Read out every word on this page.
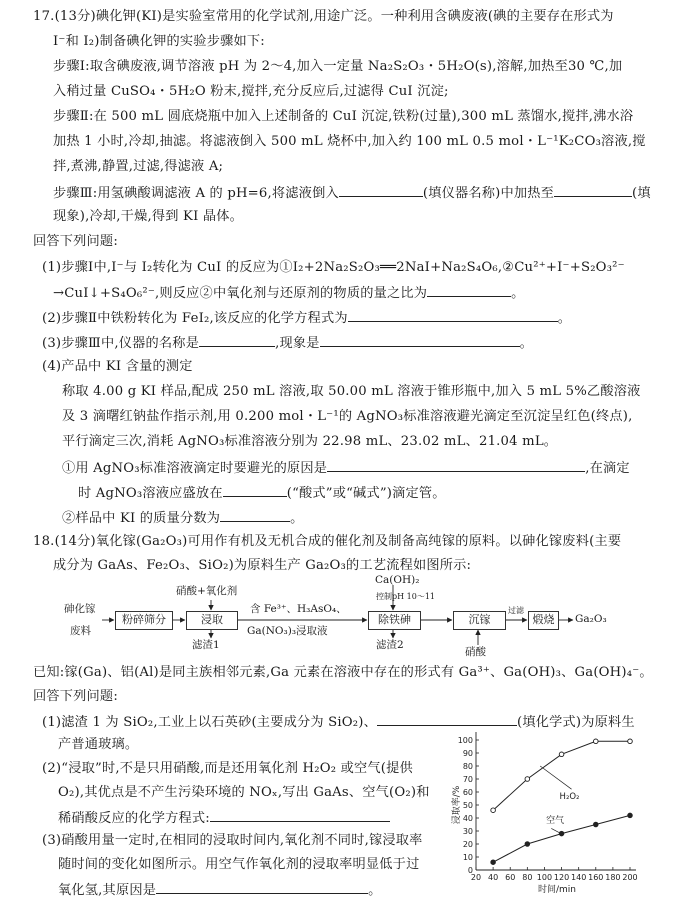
17.(13分)碘化钾(KI)是实验室常用的化学试剂,用途广泛。一种利用含碘废液(碘的主要存在形式为
I⁻和 I₂)制备碘化钾的实验步骤如下:
步骤Ⅰ:取含碘废液,调节溶液 pH 为 2～4,加入一定量 Na₂S₂O₃・5H₂O(s),溶解,加热至30 ℃,加
入稍过量 CuSO₄・5H₂O 粉末,搅拌,充分反应后,过滤得 CuI 沉淀;
步骤Ⅱ:在 500 mL 圆底烧瓶中加入上述制备的 CuI 沉淀,铁粉(过量),300 mL 蒸馏水,搅拌,沸水浴
加热 1 小时,冷却,抽滤。将滤液倒入 500 mL 烧杯中,加入约 100 mL 0.5 mol・L⁻¹K₂CO₃溶液,搅
拌,煮沸,静置,过滤,得滤液 A;
步骤Ⅲ:用氢碘酸调滤液 A 的 pH=6,将滤液倒入	(填仪器名称)中加热至	(填
现象),冷却,干燥,得到 KI 晶体。
回答下列问题:
(1)步骤Ⅰ中,I⁻与 I₂转化为 CuI 的反应为①I₂+2Na₂S₂O₃══2NaI+Na₂S₄O₆,②Cu²⁺+I⁻+S₂O₃²⁻
→CuI↓+S₄O₆²⁻,则反应②中氧化剂与还原剂的物质的量之比为	。
(2)步骤Ⅱ中铁粉转化为 FeI₂,该反应的化学方程式为	。
(3)步骤Ⅲ中,仪器的名称是	,现象是	。
(4)产品中 KI 含量的测定
称取 4.00 g KI 样品,配成 250 mL 溶液,取 50.00 mL 溶液于锥形瓶中,加入 5 mL 5%乙酸溶液
及 3 滴曙红钠盐作指示剂,用 0.200 mol・L⁻¹的 AgNO₃标准溶液避光滴定至沉淀呈红色(终点),
平行滴定三次,消耗 AgNO₃标准溶液分别为 22.98 mL、23.02 mL、21.04 mL。
①用 AgNO₃标准溶液滴定时要避光的原因是	,在滴定
时 AgNO₃溶液应盛放在	(“酸式”或“碱式”)滴定管。
②样品中 KI 的质量分数为	。
18.(14分)氧化镓(Ga₂O₃)可用作有机及无机合成的催化剂及制备高纯镓的原料。以砷化镓废料(主要
成分为 GaAs、Fe₂O₃、SiO₂)为原料生产 Ga₂O₃的工艺流程如图所示:
砷化镓
废料
粉碎筛分
硝酸+氧化剂
浸取
滤渣1
含 Fe³⁺、H₃AsO₄、
Ga(NO₃)₃浸取液
Ca(OH)₂
控制pH 10～11
除铁砷
滤渣2
沉镓
硝酸
过滤
煅烧	Ga₂O₃
已知:镓(Ga)、铝(Al)是同主族相邻元素,Ga 元素在溶液中存在的形式有 Ga³⁺、Ga(OH)₃、Ga(OH)₄⁻。
回答下列问题:
(1)滤渣 1 为 SiO₂,工业上以石英砂(主要成分为 SiO₂)、	(填化学式)为原料生
产普通玻璃。
(2)“浸取”时,不是只用硝酸,而是还用氧化剂 H₂O₂ 或空气(提供
O₂),其优点是不产生污染环境的 NOₓ,写出 GaAs、空气(O₂)和
稀硝酸反应的化学方程式:
(3)硝酸用量一定时,在相同的浸取时间内,氧化剂不同时,镓浸取率
随时间的变化如图所示。用空气作氧化剂的浸取率明显低于过
氧化氢,其原因是	。
0
10
20
30
40
50
60
70
80
90
100
20 40 60 80 100 120 140 160 180 200
时间/min
浸取率/%	H₂O₂
空气
